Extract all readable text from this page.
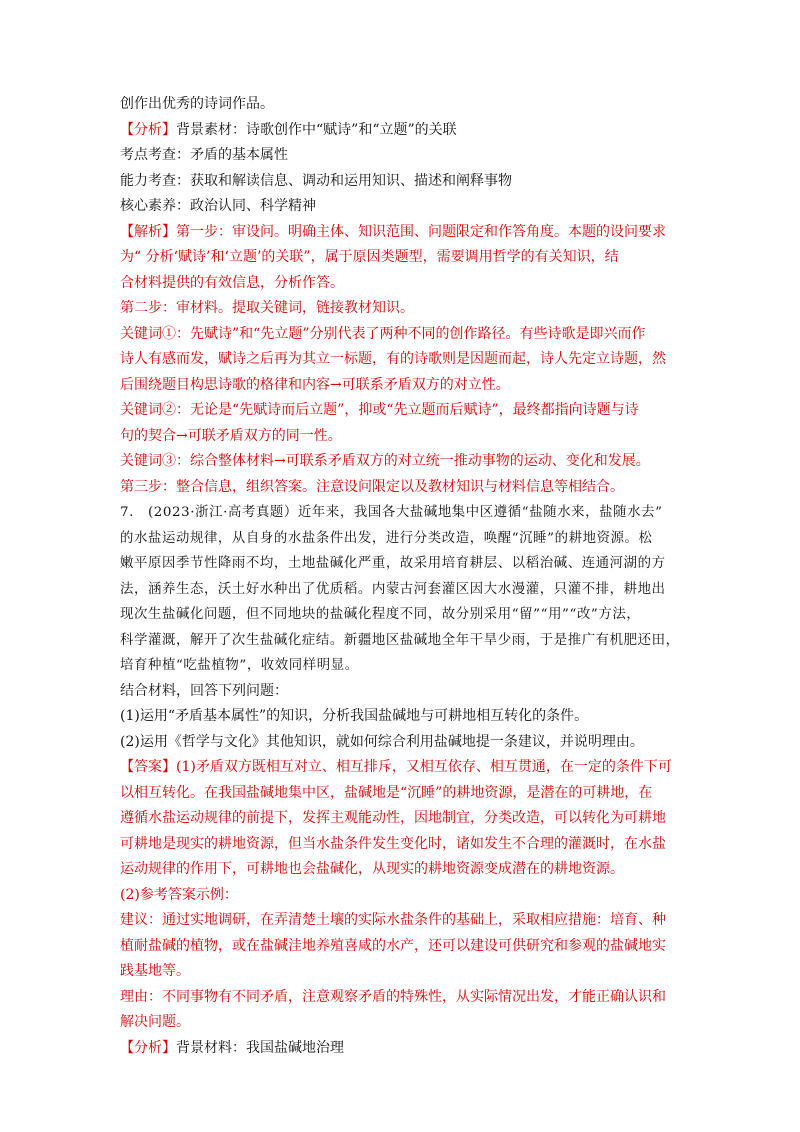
创作出优秀的诗词作品。
【分析】背景素材：诗歌创作中“赋诗”和“立题”的关联
考点考查：矛盾的基本属性
能力考查：获取和解读信息、调动和运用知识、描述和阐释事物
核心素养：政治认同、科学精神
【解析】第一步：审设问。明确主体、知识范围、问题限定和作答角度。本题的设问要求
为“ 分析‘赋诗’和‘立题’的关联”，属于原因类题型，需要调用哲学的有关知识，结
合材料提供的有效信息，分析作答。
第二步：审材料。提取关键词，链接教材知识。
关键词①：先赋诗”和“先立题”分别代表了两种不同的创作路径。有些诗歌是即兴而作
诗人有感而发，赋诗之后再为其立一标题，有的诗歌则是因题而起，诗人先定立诗题，然
后围绕题目构思诗歌的格律和内容→可联系矛盾双方的对立性。
关键词②：无论是“先赋诗而后立题”，抑或“先立题而后赋诗”，最终都指向诗题与诗
句的契合→可联矛盾双方的同一性。
关键词③：综合整体材料→可联系矛盾双方的对立统一推动事物的运动、变化和发展。
第三步：整合信息，组织答案。注意设问限定以及教材知识与材料信息等相结合。
7.　(2023·浙江·高考真题）近年来，我国各大盐碱地集中区遵循“盐随水来，盐随水去”
的水盐运动规律，从自身的水盐条件出发，进行分类改造，唤醒“沉睡”的耕地资源。松
嫩平原因季节性降雨不均，土地盐碱化严重，故采用培育耕层、以稻治碱、连通河湖的方
法，涵养生态，沃土好水种出了优质稻。内蒙古河套灌区因大水漫灌，只灌不排，耕地出
现次生盐碱化问题，但不同地块的盐碱化程度不同，故分别采用“留”“用”“改”方法，
科学灌溉，解开了次生盐碱化症结。新疆地区盐碱地全年干旱少雨，于是推广有机肥还田，
培育种植“吃盐植物”，收效同样明显。
结合材料，回答下列问题：
(1)运用“矛盾基本属性”的知识，分析我国盐碱地与可耕地相互转化的条件。
(2)运用《哲学与文化》其他知识，就如何综合利用盐碱地提一条建议，并说明理由。
【答案】(1)矛盾双方既相互对立、相互排斥，又相互依存、相互贯通，在一定的条件下可
以相互转化。在我国盐碱地集中区，盐碱地是“沉睡”的耕地资源，是潜在的可耕地，在
遵循水盐运动规律的前提下，发挥主观能动性，因地制宜，分类改造，可以转化为可耕地
可耕地是现实的耕地资源，但当水盐条件发生变化时，诸如发生不合理的灌溉时，在水盐
运动规律的作用下，可耕地也会盐碱化，从现实的耕地资源变成潜在的耕地资源。
(2)参考答案示例：
建议：通过实地调研，在弄清楚土壤的实际水盐条件的基础上，采取相应措施：培育、种
植耐盐碱的植物，或在盐碱洼地养殖喜咸的水产，还可以建设可供研究和参观的盐碱地实
践基地等。
理由：不同事物有不同矛盾，注意观察矛盾的特殊性，从实际情况出发，才能正确认识和
解决问题。
【分析】背景材料：我国盐碱地治理
